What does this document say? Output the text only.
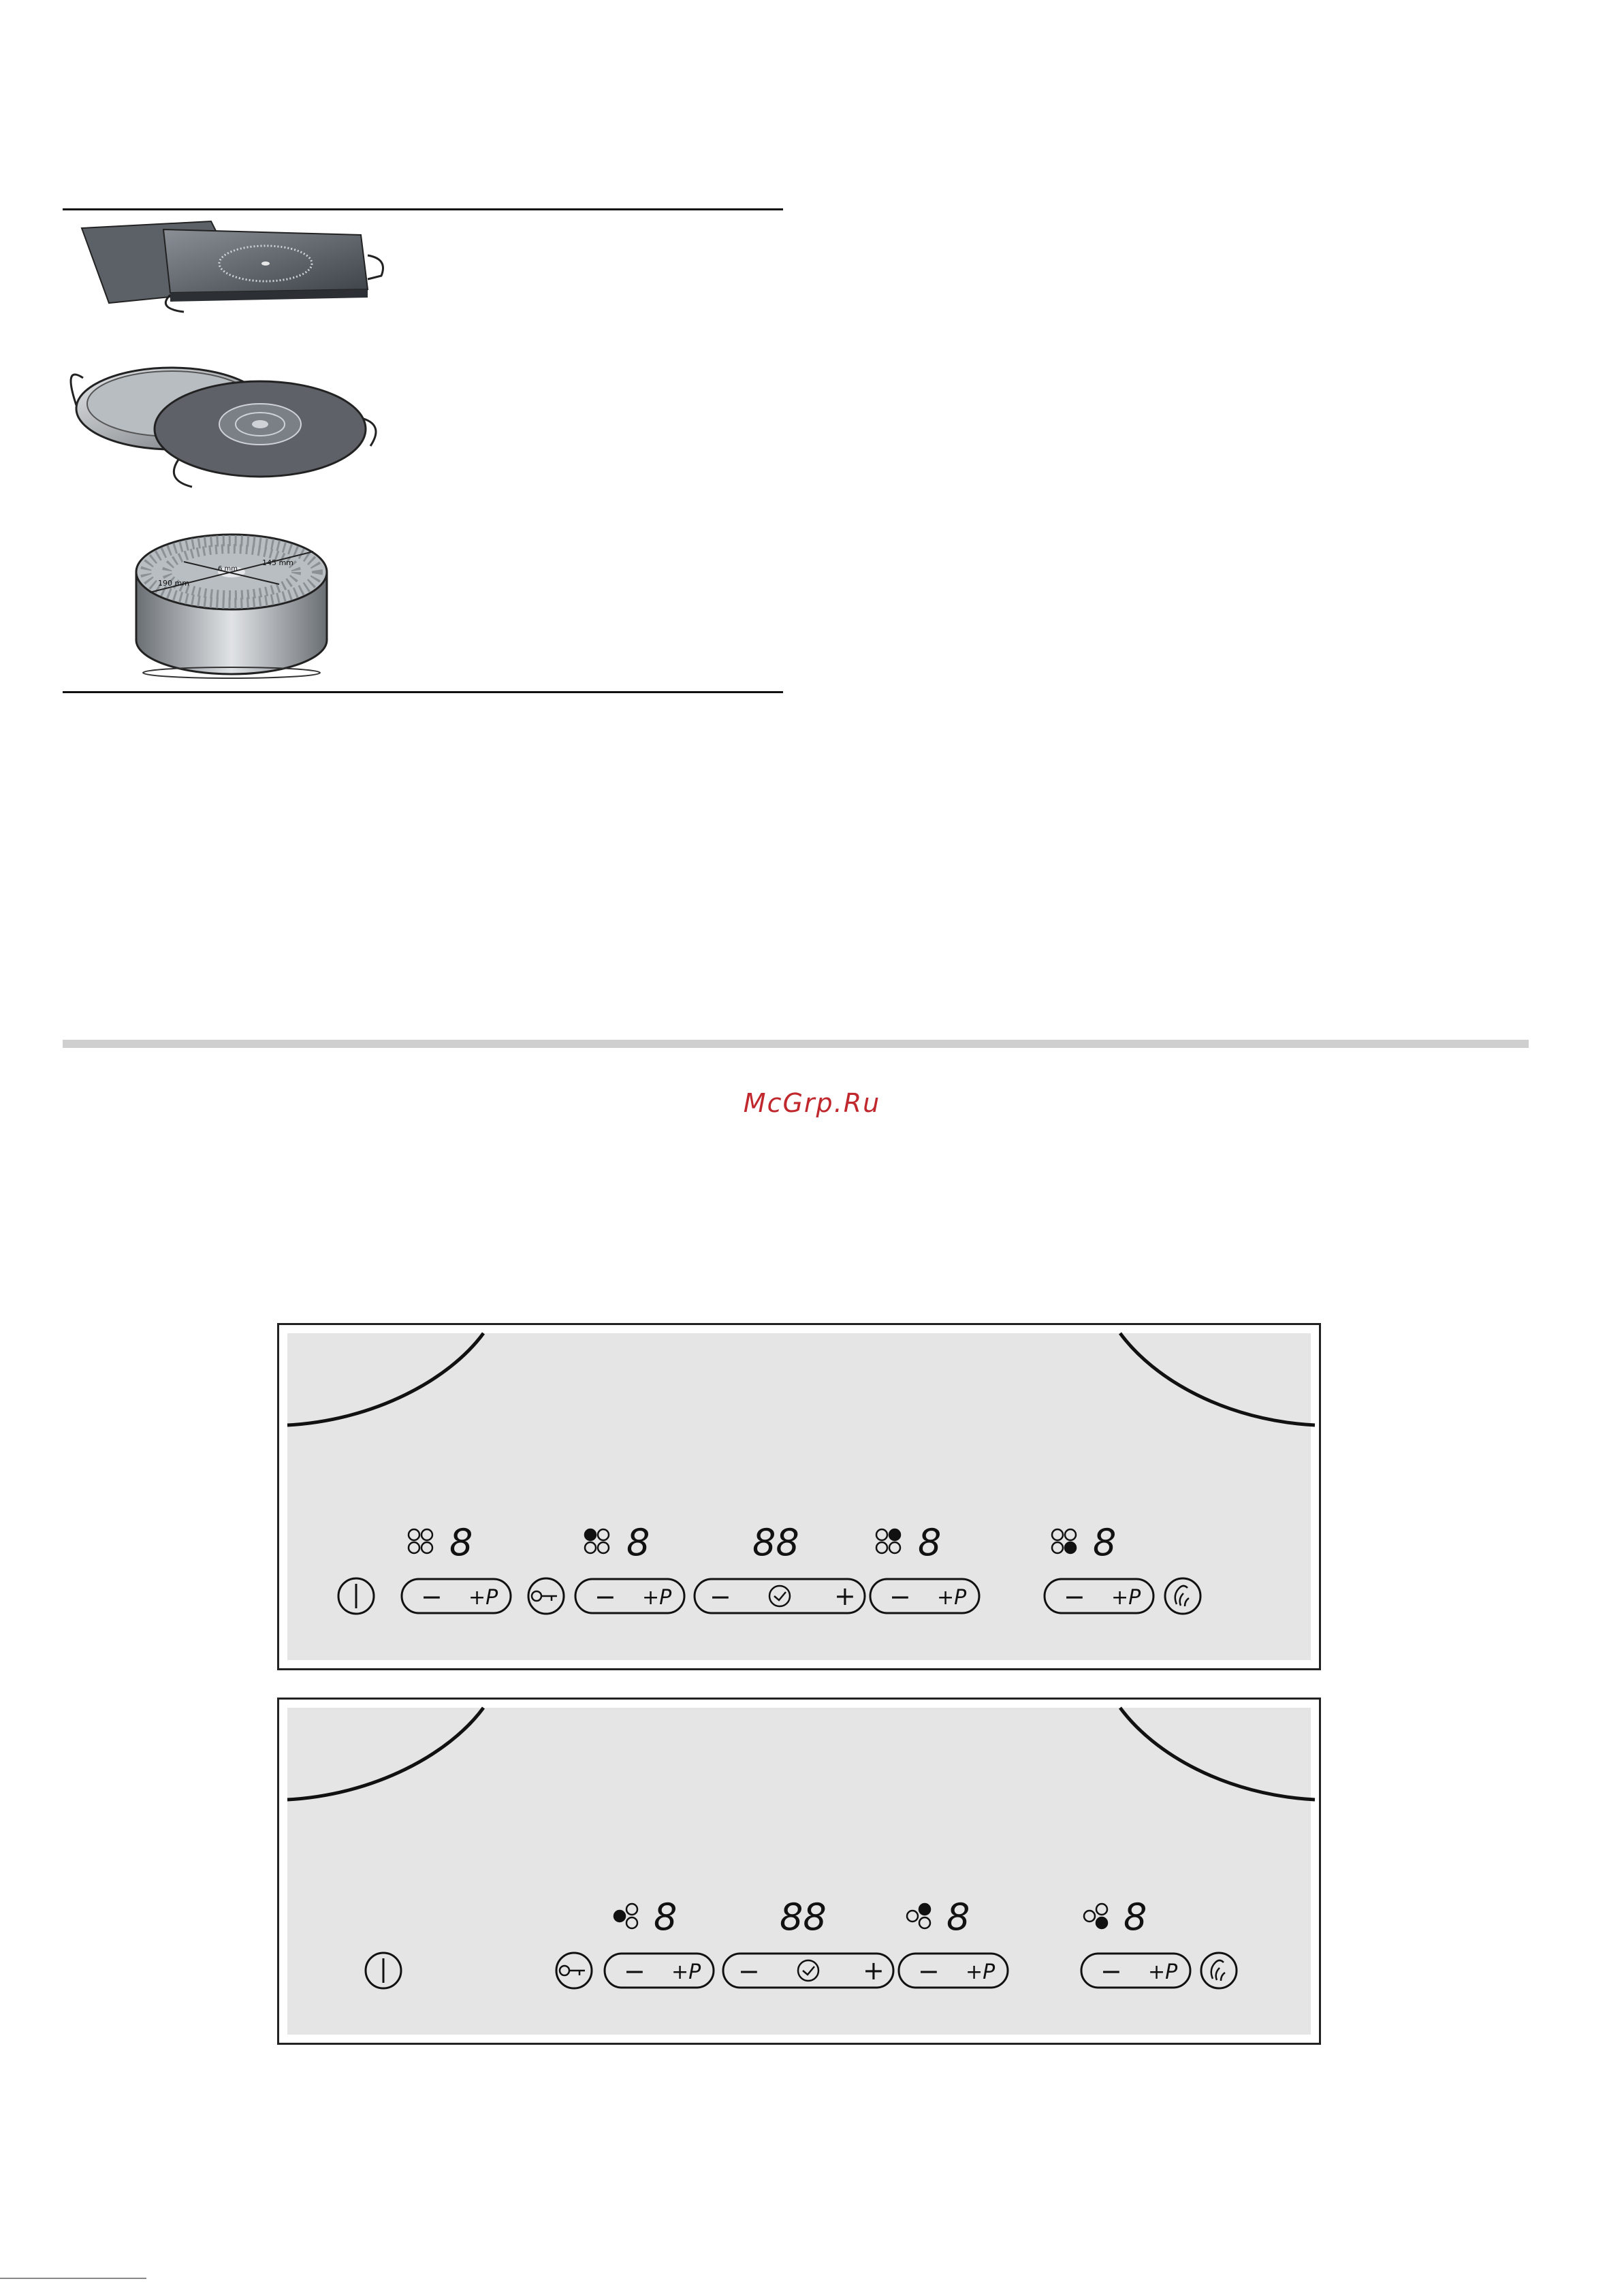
190 mm
145 mm
6 mm
McGrp.Ru
8
− +P
8
− +P
88
−	+
8
− +P
8
− +P
8
− +P
88
−	+
8
− +P
8
− +P
